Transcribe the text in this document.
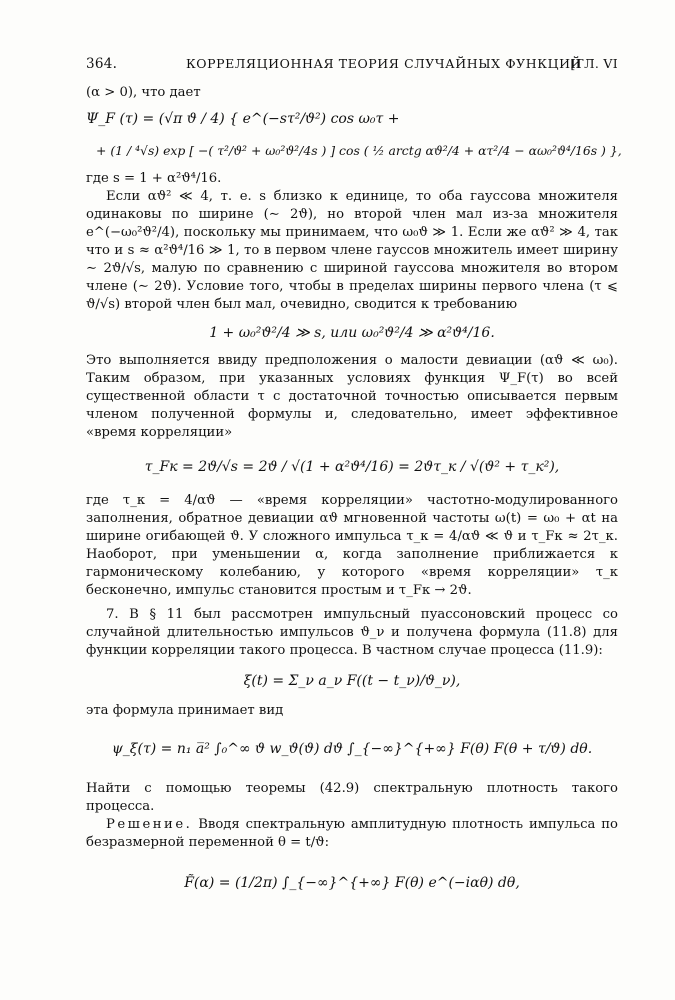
364.	КОРРЕЛЯЦИОННАЯ ТЕОРИЯ СЛУЧАЙНЫХ ФУНКЦИЙ
[ГЛ. VI

(α > 0), что дает

Ψ_F (τ) = (√π ϑ / 4) { e^(−sτ²/ϑ²) cos ω₀τ +

+ (1 / ⁴√s) exp [ −( τ²/ϑ² + ω₀²ϑ²/4s ) ] cos ( ½ arctg αϑ²/4 + ατ²/4 − αω₀²ϑ⁴/16s ) },

где s = 1 + α²ϑ⁴/16.

Если αϑ² ≪ 4, т. е. s близко к единице, то оба гауссова множителя одинаковы по ширине (∼ 2ϑ), но второй член мал из-за множителя e^(−ω₀²ϑ²/4), поскольку мы принимаем, что ω₀ϑ ≫ 1. Если же αϑ² ≫ 4, так что и s ≈ α²ϑ⁴/16 ≫ 1, то в первом члене гауссов множитель имеет ширину ∼ 2ϑ/√s, малую по сравнению с шириной гауссова множителя во втором члене (∼ 2ϑ). Условие того, чтобы в пределах ширины первого члена (τ ⩽ ϑ/√s) второй член был мал, очевидно, сводится к требованию

1 + ω₀²ϑ²/4 ≫ s, или ω₀²ϑ²/4 ≫ α²ϑ⁴/16.

Это выполняется ввиду предположения о малости девиации (αϑ ≪ ω₀). Таким образом, при указанных условиях функция Ψ_F(τ) во всей существенной области τ с достаточной точностью описывается первым членом полученной формулы и, следовательно, имеет эффективное «время корреляции»

τ_Fк = 2ϑ/√s = 2ϑ / √(1 + α²ϑ⁴/16) = 2ϑτ_к / √(ϑ² + τ_к²),

где τ_к = 4/αϑ — «время корреляции» частотно-модулированного заполнения, обратное девиации αϑ мгновенной частоты ω(t) = ω₀ + αt на ширине огибающей ϑ. У сложного импульса τ_к = 4/αϑ ≪ ϑ и τ_Fк ≈ 2τ_к. Наоборот, при уменьшении α, когда заполнение приближается к гармоническому колебанию, у которого «время корреляции» τ_к бесконечно, импульс становится простым и τ_Fк → 2ϑ.

7. В § 11 был рассмотрен импульсный пуассоновский процесс со случайной длительностью импульсов ϑ_ν и получена формула (11.8) для функции корреляции такого процесса. В частном случае процесса (11.9):

ξ(t) = Σ_ν a_ν F((t − t_ν)/ϑ_ν),

эта формула принимает вид

ψ_ξ(τ) = n₁ a̅² ∫₀^∞ ϑ w_ϑ(ϑ) dϑ ∫_{−∞}^{+∞} F(θ) F(θ + τ/ϑ) dθ.

Найти с помощью теоремы (42.9) спектральную плотность такого процесса.

Решение. Вводя спектральную амплитудную плотность импульса по безразмерной переменной θ = t/ϑ:

F̃(α) = (1/2π) ∫_{−∞}^{+∞} F(θ) e^(−iαθ) dθ,
